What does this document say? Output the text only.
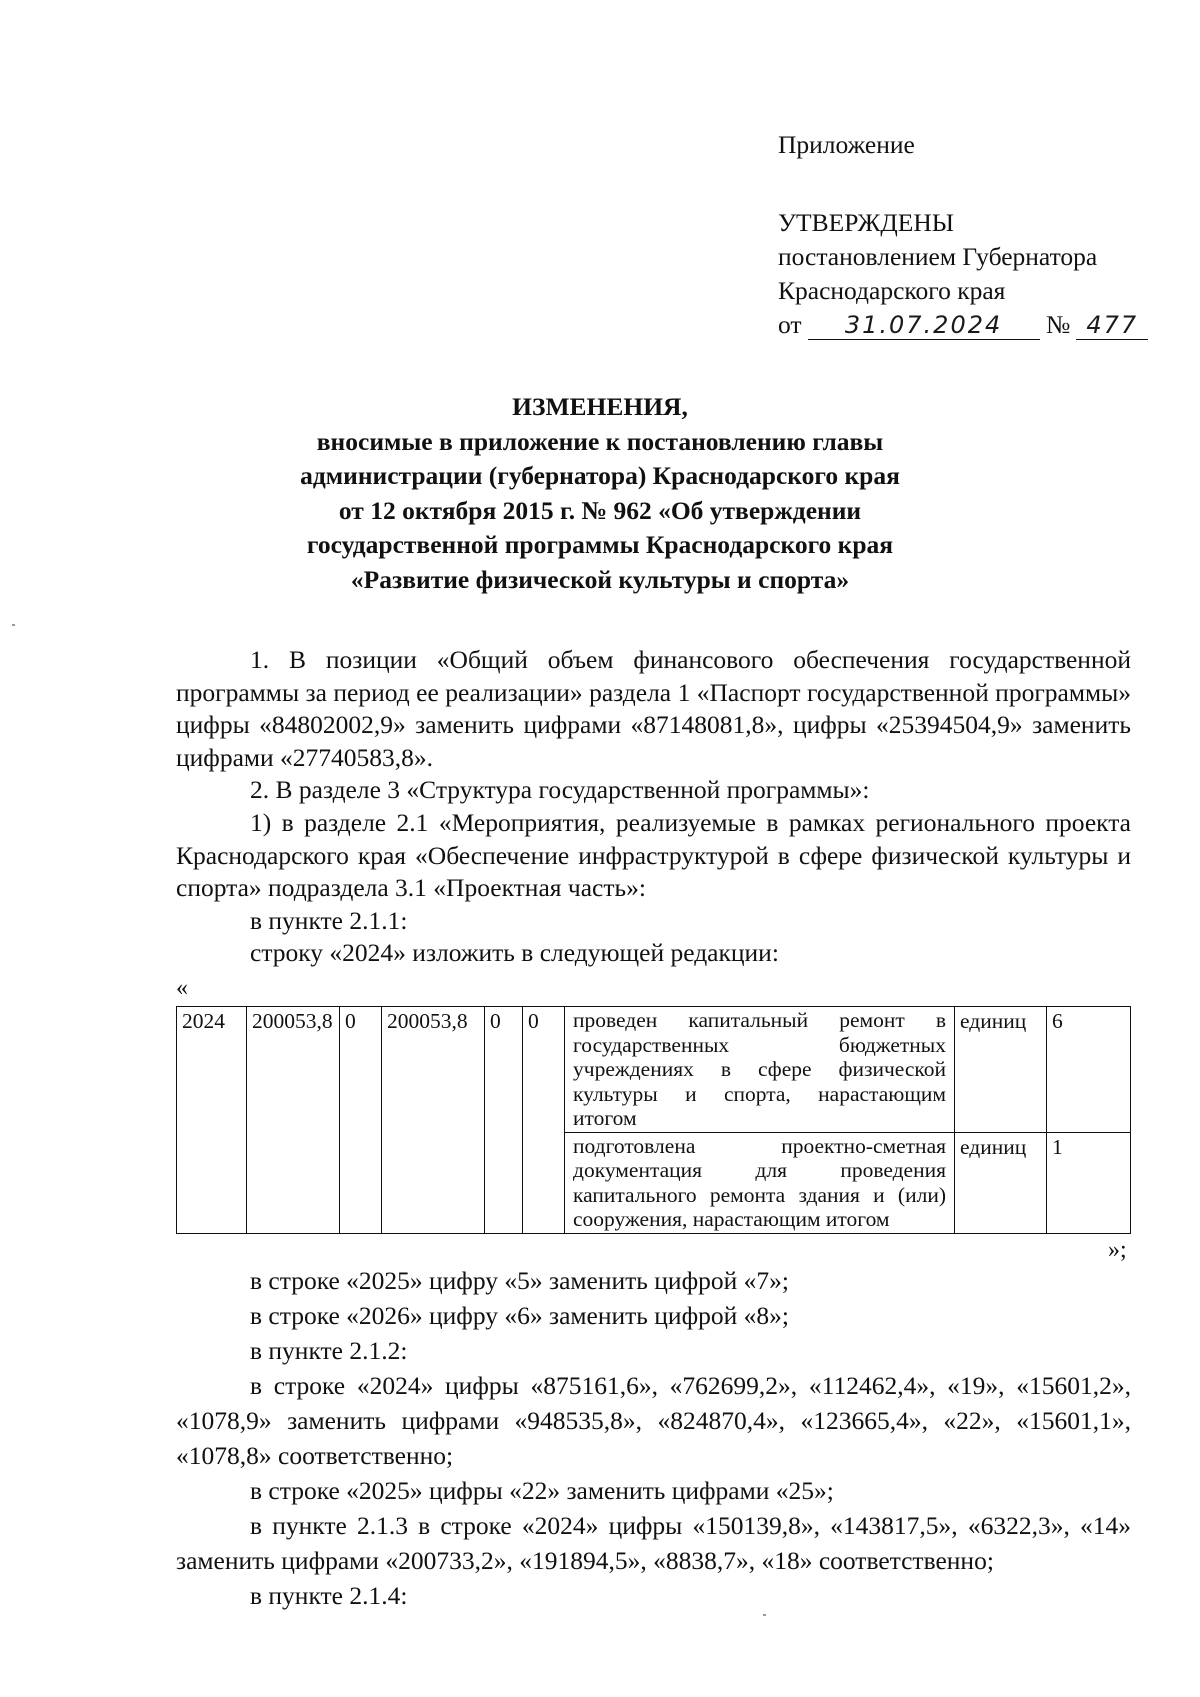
Приложение
УТВЕРЖДЕНЫ
постановлением Губернатора
Краснодарского края
от 31.07.2024 № 477
ИЗМЕНЕНИЯ,
вносимые в приложение к постановлению главы
администрации (губернатора) Краснодарского края
от 12 октября 2015 г. № 962 «Об утверждении
государственной программы Краснодарского края
«Развитие физической культуры и спорта»

1. В позиции «Общий объем финансового обеспечения государственной программы за период ее реализации» раздела 1 «Паспорт государственной программы» цифры «84802002,9» заменить цифрами «87148081,8», цифры «25394504,9» заменить цифрами «27740583,8».

2. В разделе 3 «Структура государственной программы»:

1) в разделе 2.1 «Мероприятия, реализуемые в рамках регионального проекта Краснодарского края «Обеспечение инфраструктурой в сфере физической культуры и спорта» подраздела 3.1 «Проектная часть»:

в пункте 2.1.1:

строку «2024» изложить в следующей редакции:

«
2024	200053,8	0	200053,8	0	0	проведен капитальный ремонт в государственных бюджетных учреждениях в сфере физической культуры и спорта, нарастающим итогом	единиц	6
						подготовлена проектно-сметная документация для проведения капитального ремонта здания и (или) сооружения, нарастающим итогом	единиц	1
»;

в строке «2025» цифру «5» заменить цифрой «7»;

в строке «2026» цифру «6» заменить цифрой «8»;

в пункте 2.1.2:

в строке «2024» цифры «875161,6», «762699,2», «112462,4», «19», «15601,2», «1078,9» заменить цифрами «948535,8», «824870,4», «123665,4», «22», «15601,1», «1078,8» соответственно;

в строке «2025» цифры «22» заменить цифрами «25»;

в пункте 2.1.3 в строке «2024» цифры «150139,8», «143817,5», «6322,3», «14» заменить цифрами «200733,2», «191894,5», «8838,7», «18» соответственно;

в пункте 2.1.4:
